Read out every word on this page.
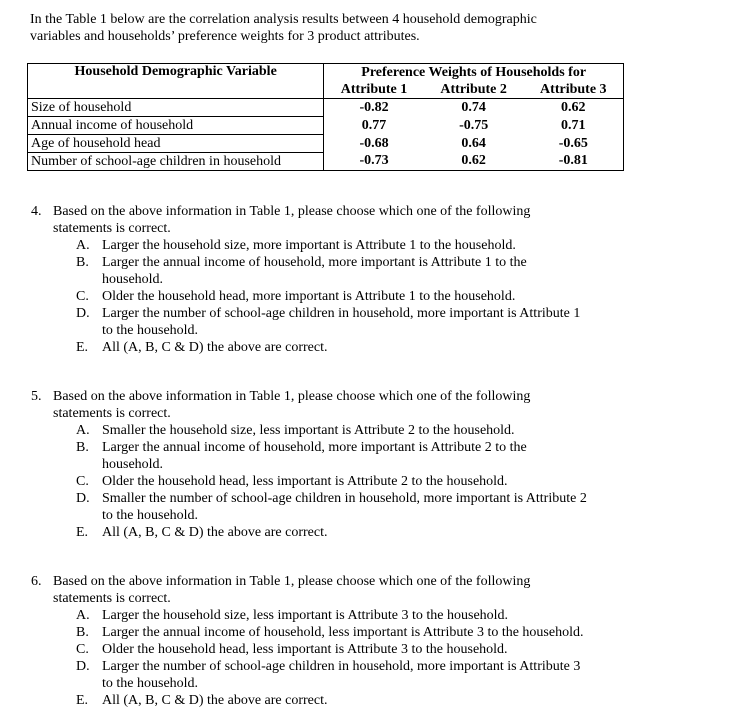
In the Table 1 below are the correlation analysis results between 4 household demographic
variables and households’ preference weights for 3 product attributes.
Household Demographic Variable	Preference Weights of Households for		
	Attribute 1	Attribute 2	Attribute 3
Size of household	-0.82	0.74	0.62
Annual income of household	0.77	-0.75	0.71
Age of household head	-0.68	0.64	-0.65
Number of school-age children in household	-0.73	0.62	-0.81
4. Based on the above information in Table 1, please choose which one of the following
statements is correct.
A. Larger the household size, more important is Attribute 1 to the household.
B. Larger the annual income of household, more important is Attribute 1 to the
household.
C. Older the household head, more important is Attribute 1 to the household.
D. Larger the number of school-age children in household, more important is Attribute 1
to the household.
E. All (A, B, C & D) the above are correct.
5. Based on the above information in Table 1, please choose which one of the following
statements is correct.
A. Smaller the household size, less important is Attribute 2 to the household.
B. Larger the annual income of household, more important is Attribute 2 to the
household.
C. Older the household head, less important is Attribute 2 to the household.
D. Smaller the number of school-age children in household, more important is Attribute 2
to the household.
E. All (A, B, C & D) the above are correct.
6. Based on the above information in Table 1, please choose which one of the following
statements is correct.
A. Larger the household size, less important is Attribute 3 to the household.
B. Larger the annual income of household, less important is Attribute 3 to the household.
C. Older the household head, less important is Attribute 3 to the household.
D. Larger the number of school-age children in household, more important is Attribute 3
to the household.
E. All (A, B, C & D) the above are correct.
